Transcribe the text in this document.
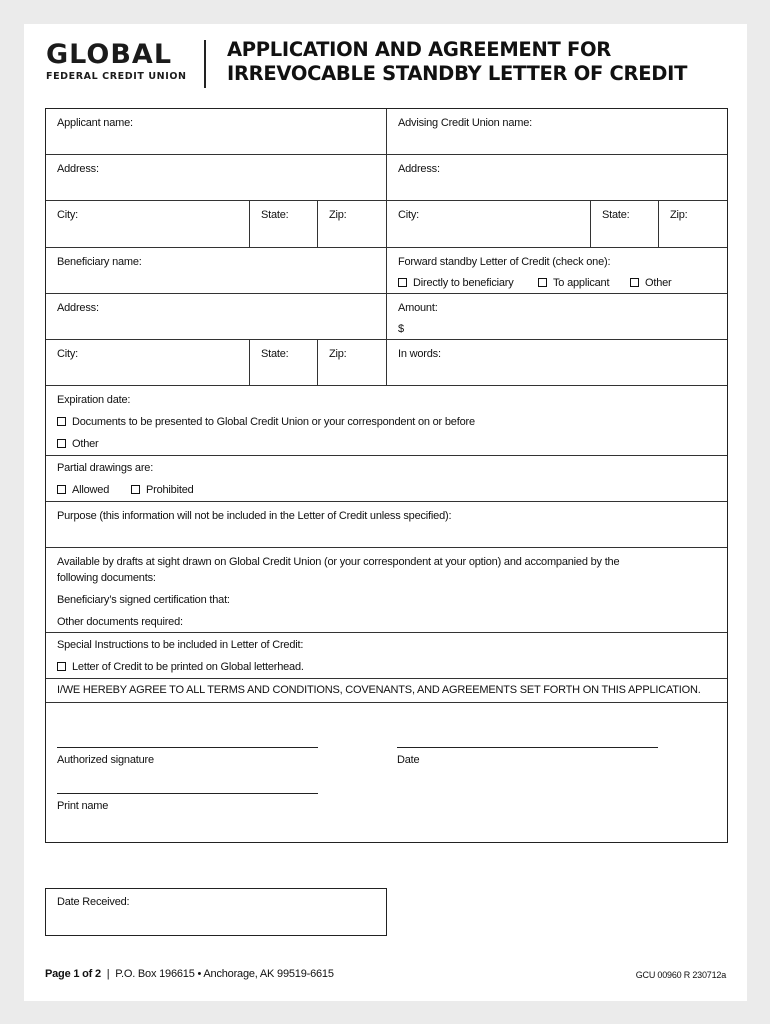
GLOBAL
FEDERAL CREDIT UNION
APPLICATION AND AGREEMENT FOR
IRREVOCABLE STANDBY LETTER OF CREDIT
Applicant name:	Advising Credit Union name:
Address:	Address:
City:	State:	Zip:	City:	State:	Zip:
Beneficiary name:	Forward standby Letter of Credit (check one):
Directly to beneficiary	To applicant	Other
Address:	Amount:
$
City:	State:	Zip:	In words:
Expiration date:
Documents to be presented to Global Credit Union or your correspondent on or before
Other
Partial drawings are:
Allowed	Prohibited
Purpose (this information will not be included in the Letter of Credit unless specified):
Available by drafts at sight drawn on Global Credit Union (or your correspondent at your option) and accompanied by the
following documents:
Beneficiary’s signed certification that:
Other documents required:
Special Instructions to be included in Letter of Credit:
Letter of Credit to be printed on Global letterhead.
I/WE HEREBY AGREE TO ALL TERMS AND CONDITIONS, COVENANTS, AND AGREEMENTS SET FORTH ON THIS APPLICATION.
Authorized signature	Date
Print name
Date Received:
Page 1 of 2 | P.O. Box 196615 • Anchorage, AK 99519-6615	GCU 00960 R 230712a
